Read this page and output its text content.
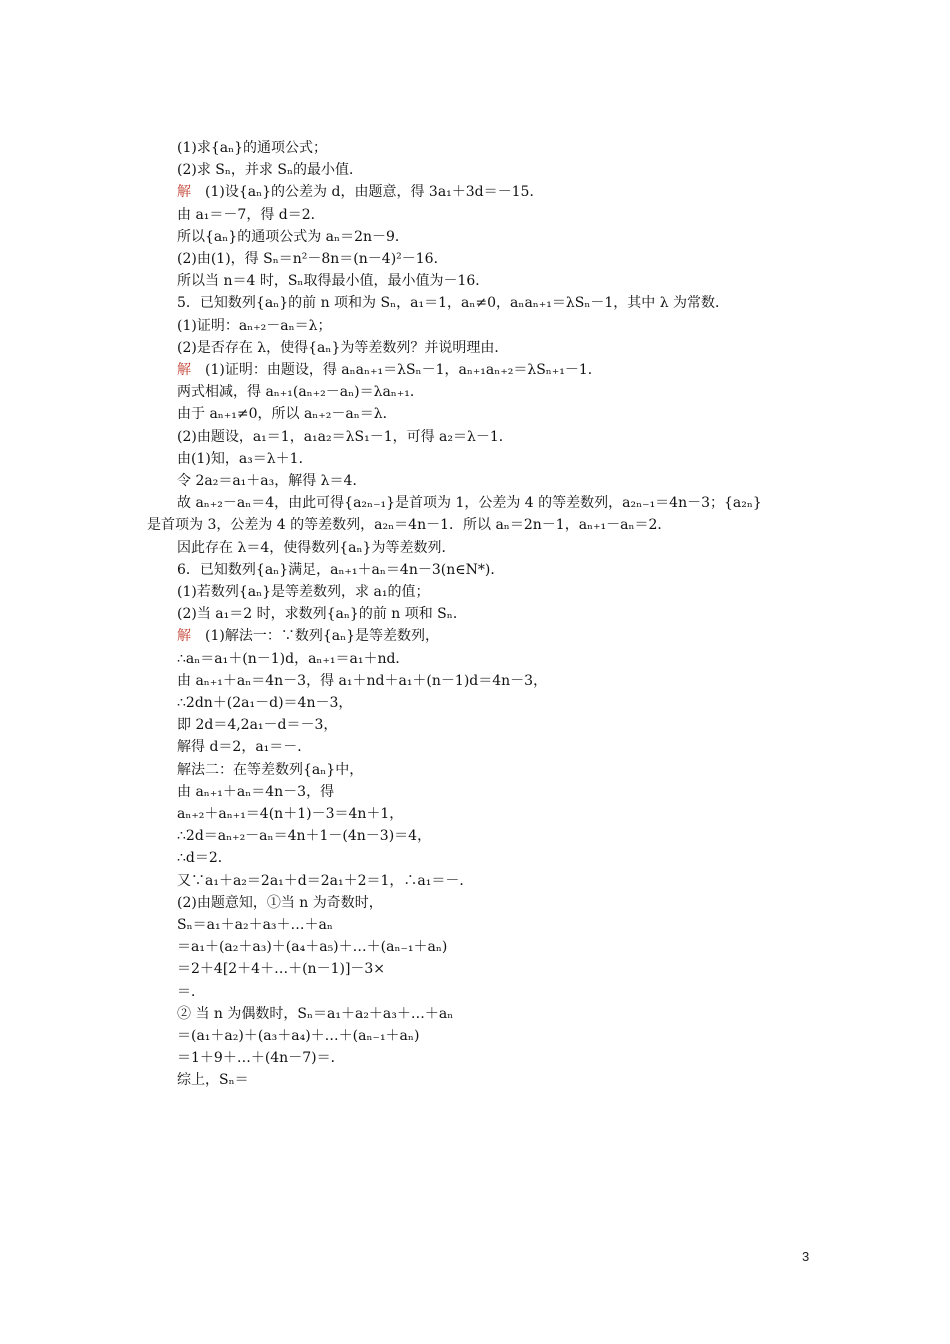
(1)求{aₙ}的通项公式；
(2)求 Sₙ，并求 Sₙ的最小值．
解　(1)设{aₙ}的公差为 d，由题意，得 3a₁＋3d＝－15．
由 a₁＝－7，得 d＝2．
所以{aₙ}的通项公式为 aₙ＝2n－9．
(2)由(1)，得 Sₙ＝n²－8n＝(n－4)²－16．
所以当 n＝4 时，Sₙ取得最小值，最小值为－16．
5．已知数列{aₙ}的前 n 项和为 Sₙ，a₁＝1，aₙ≠0，aₙaₙ₊₁＝λSₙ－1，其中 λ 为常数．
(1)证明：aₙ₊₂－aₙ＝λ；
(2)是否存在 λ，使得{aₙ}为等差数列？并说明理由．
解　(1)证明：由题设，得 aₙaₙ₊₁＝λSₙ－1，aₙ₊₁aₙ₊₂＝λSₙ₊₁－1．
两式相减，得 aₙ₊₁(aₙ₊₂－aₙ)＝λaₙ₊₁．
由于 aₙ₊₁≠0，所以 aₙ₊₂－aₙ＝λ．
(2)由题设，a₁＝1，a₁a₂＝λS₁－1，可得 a₂＝λ－1．
由(1)知，a₃＝λ＋1．
令 2a₂＝a₁＋a₃，解得 λ＝4．
故 aₙ₊₂－aₙ＝4，由此可得{a₂ₙ₋₁}是首项为 1，公差为 4 的等差数列，a₂ₙ₋₁＝4n－3；{a₂ₙ}
是首项为 3，公差为 4 的等差数列，a₂ₙ＝4n－1．所以 aₙ＝2n－1，aₙ₊₁－aₙ＝2．
因此存在 λ＝4，使得数列{aₙ}为等差数列．
6．已知数列{aₙ}满足，aₙ₊₁＋aₙ＝4n－3(n∈N*)．
(1)若数列{aₙ}是等差数列，求 a₁的值；
(2)当 a₁＝2 时，求数列{aₙ}的前 n 项和 Sₙ．
解　(1)解法一：∵数列{aₙ}是等差数列，
∴aₙ＝a₁＋(n－1)d，aₙ₊₁＝a₁＋nd．
由 aₙ₊₁＋aₙ＝4n－3，得 a₁＋nd＋a₁＋(n－1)d＝4n－3，
∴2dn＋(2a₁－d)＝4n－3，
即 2d＝4,2a₁－d＝－3，
解得 d＝2，a₁＝－．
解法二：在等差数列{aₙ}中，
由 aₙ₊₁＋aₙ＝4n－3，得
aₙ₊₂＋aₙ₊₁＝4(n＋1)－3＝4n＋1，
∴2d＝aₙ₊₂－aₙ＝4n＋1－(4n－3)＝4，
∴d＝2．
又∵a₁＋a₂＝2a₁＋d＝2a₁＋2＝1，∴a₁＝－．
(2)由题意知，①当 n 为奇数时，
Sₙ＝a₁＋a₂＋a₃＋…＋aₙ
＝a₁＋(a₂＋a₃)＋(a₄＋a₅)＋…＋(aₙ₋₁＋aₙ)
＝2＋4[2＋4＋…＋(n－1)]－3×
＝．
② 当 n 为偶数时，Sₙ＝a₁＋a₂＋a₃＋…＋aₙ
＝(a₁＋a₂)＋(a₃＋a₄)＋…＋(aₙ₋₁＋aₙ)
＝1＋9＋…＋(4n－7)＝．
综上，Sₙ＝
3
